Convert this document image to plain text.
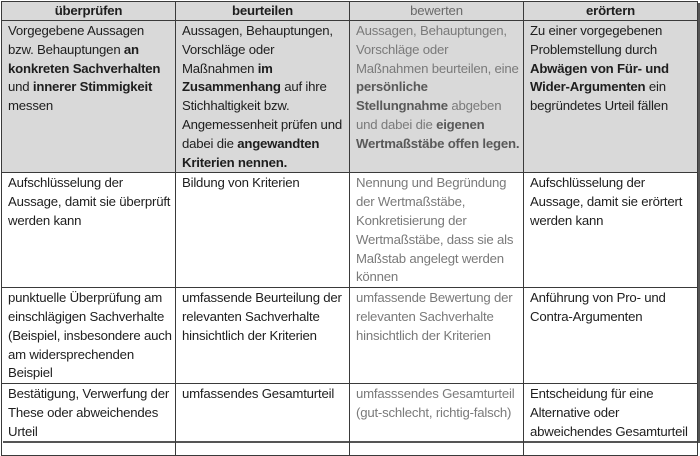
überprüfen	beurteilen	bewerten	erörtern
Vorgegebene Aussagen bzw. Behauptungen an konkreten Sachverhalten und innerer Stimmigkeit messen	Aussagen, Behauptungen, Vorschläge oder Maßnahmen im Zusammenhang auf ihre Stichhaltigkeit bzw. Angemessenheit prüfen und dabei die angewandten Kriterien nennen.	Aussagen, Behauptungen, Vorschläge oder Maßnahmen beurteilen, eine persönliche Stellungnahme abgeben und dabei die eigenen Wertmaßstäbe offen legen.	Zu einer vorgegebenen Problemstellung durch Abwägen von Für- und Wider-Argumenten ein begründetes Urteil fällen
Aufschlüsselung der Aussage, damit sie überprüft werden kann	Bildung von Kriterien	Nennung und Begründung der Wertmaßstäbe, Konkretisierung der Wertmaßstäbe, dass sie als Maßstab angelegt werden können	Aufschlüsselung der Aussage, damit sie erörtert werden kann
punktuelle Überprüfung am einschlägigen Sachverhalte (Beispiel, insbesondere auch am widersprechenden Beispiel	umfassende Beurteilung der relevanten Sachverhalte hinsichtlich der Kriterien	umfassende Bewertung der relevanten Sachverhalte hinsichtlich der Kriterien	Anführung von Pro- und Contra-Argumenten
Bestätigung, Verwerfung der These oder abweichendes Urteil	umfassendes Gesamturteil	umfasssendes Gesamturteil (gut-schlecht, richtig-falsch)	Entscheidung für eine Alternative oder abweichendes Gesamturteil
